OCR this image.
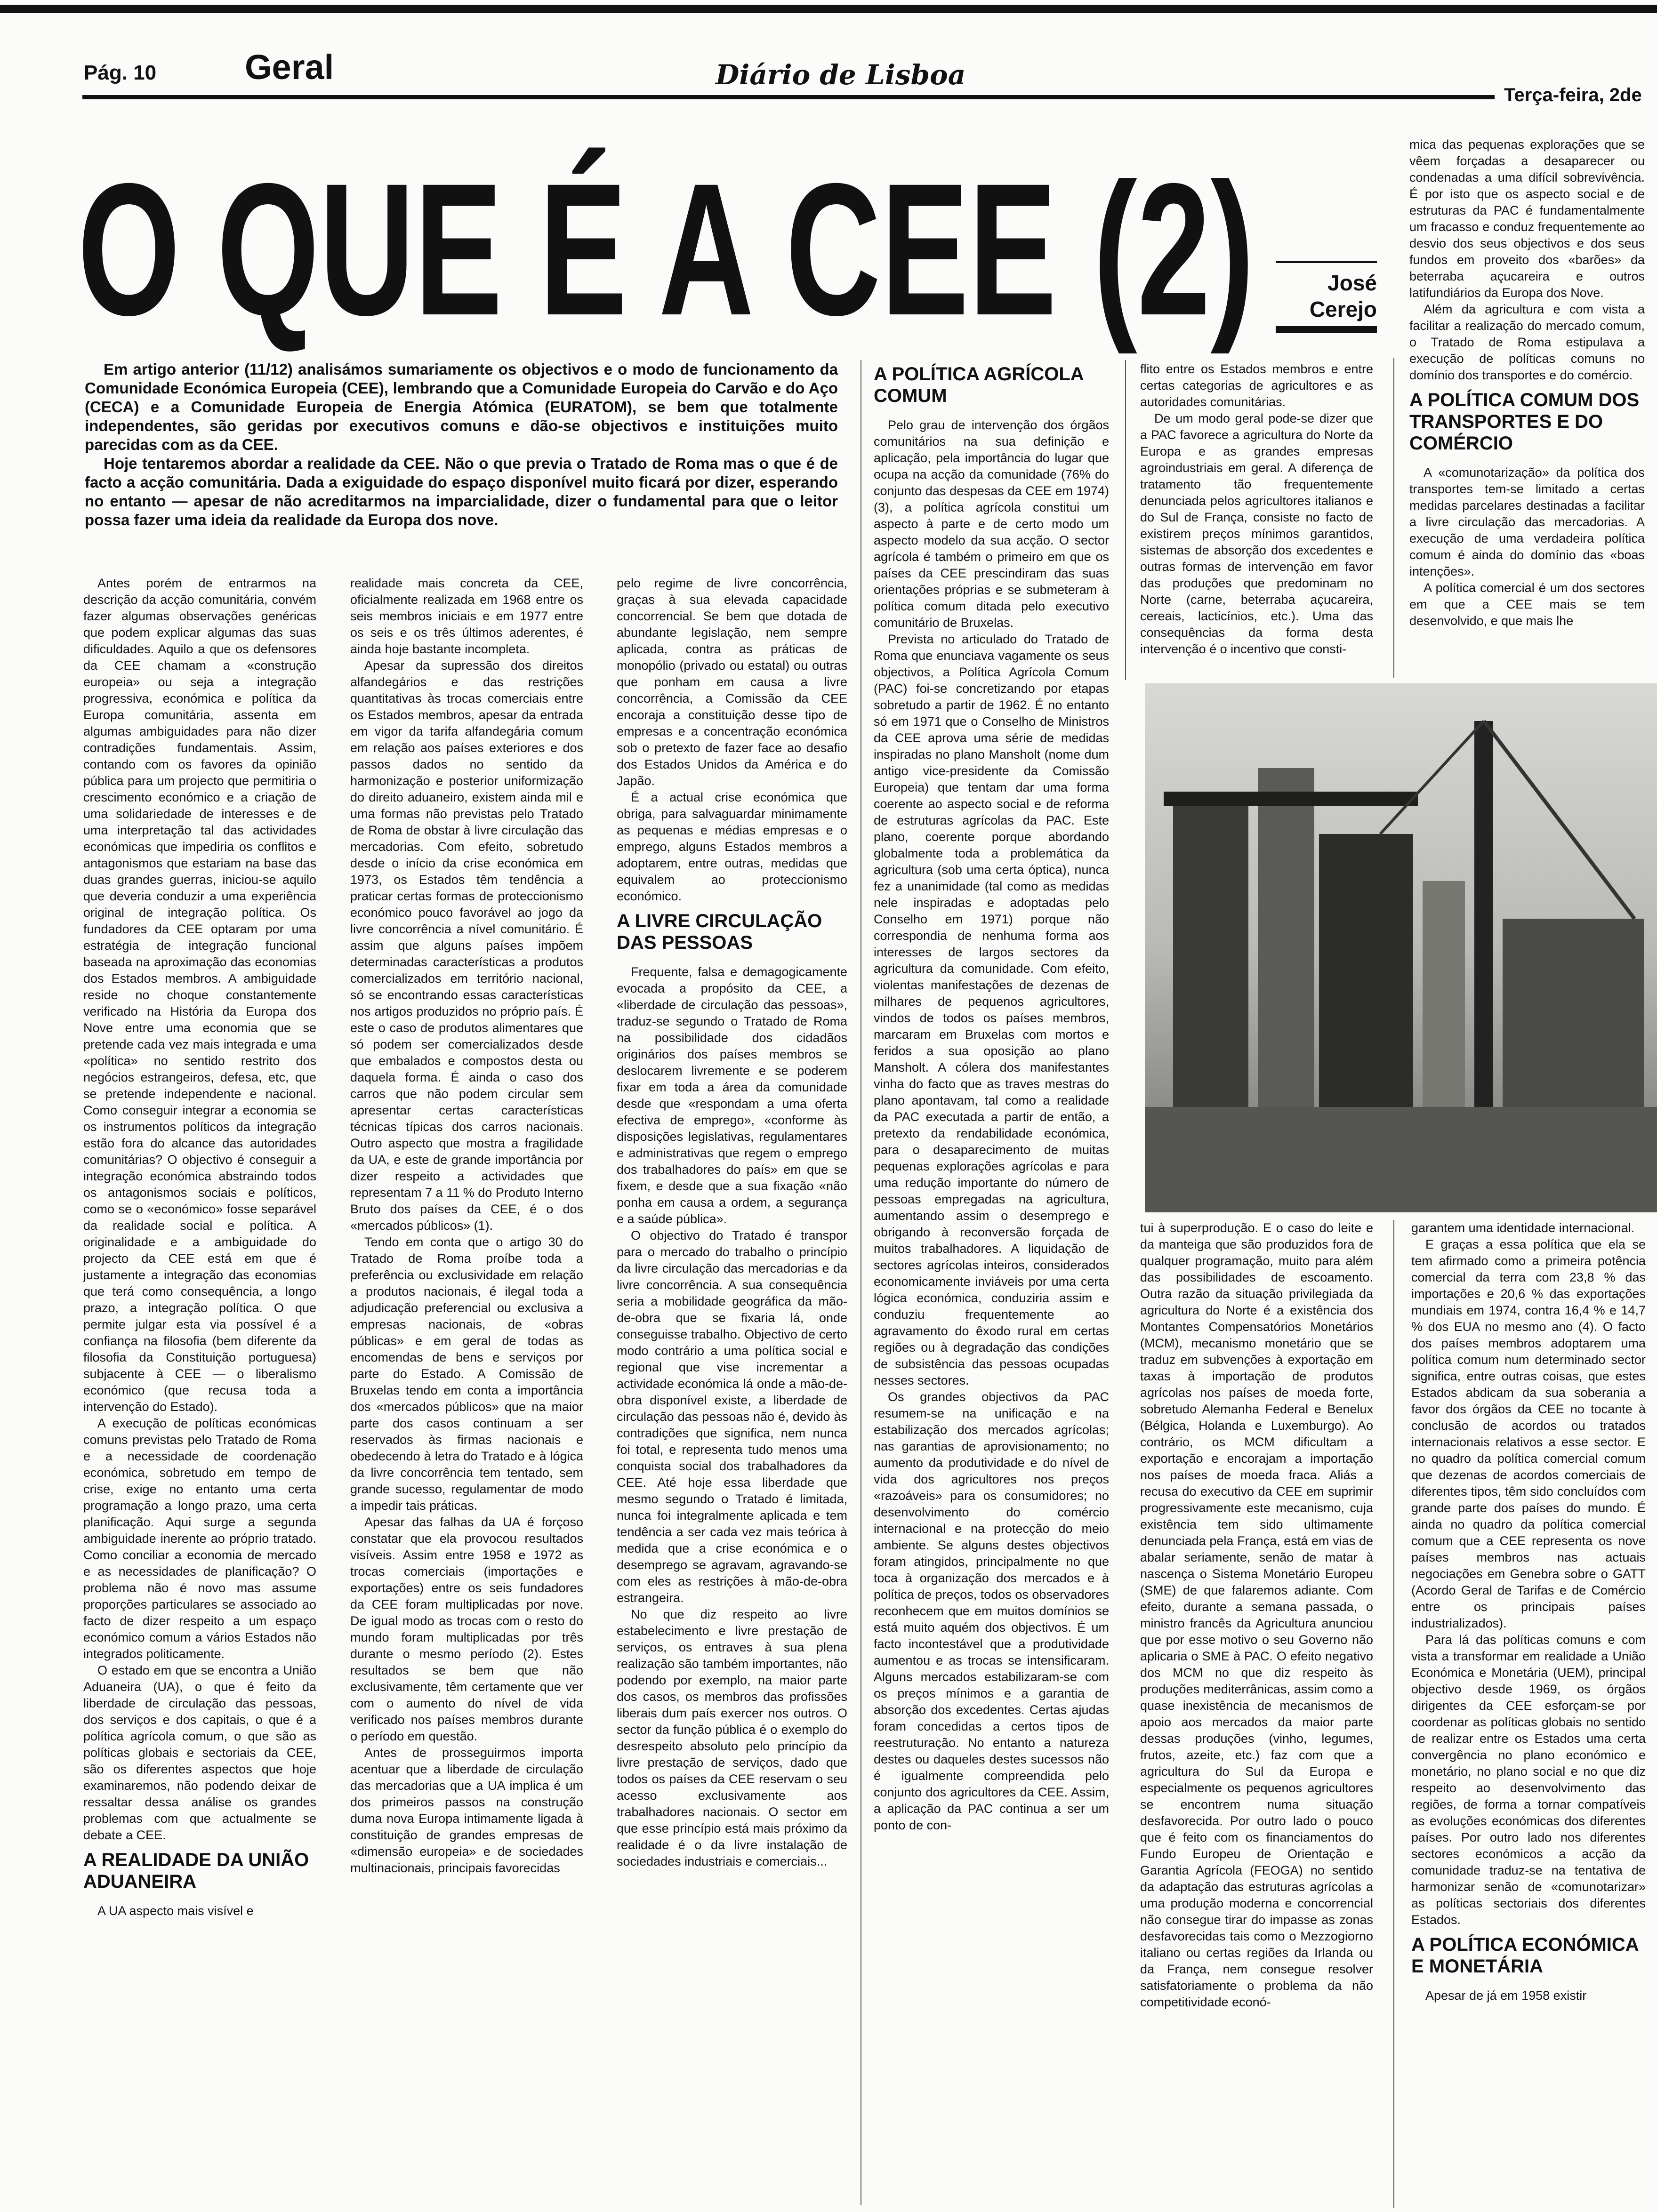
Pág. 10	Geral	Diário de Lisboa
Terça-feira, 2de
O QUE É A CEE (2)	José
Cerejo

Em artigo anterior (11/12) analisámos sumariamente os objectivos e o modo de funcionamento da Comunidade Económica Europeia (CEE), lembrando que a Comunidade Europeia do Carvão e do Aço (CECA) e a Comunidade Europeia de Energia Atómica (EURATOM), se bem que totalmente independentes, são geridas por executivos comuns e dão-se objectivos e instituições muito parecidas com as da CEE.

Hoje tentaremos abordar a realidade da CEE. Não o que previa o Tratado de Roma mas o que é de facto a acção comunitária. Dada a exiguidade do espaço disponível muito ficará por dizer, esperando no entanto — apesar de não acreditarmos na imparcialidade, dizer o fundamental para que o leitor possa fazer uma ideia da realidade da Europa dos nove.

Antes porém de entrarmos na descrição da acção comunitária, convém fazer algumas observações genéricas que podem explicar algumas das suas dificuldades. Aquilo a que os defensores da CEE chamam a «construção europeia» ou seja a integração progressiva, económica e política da Europa comunitária, assenta em algumas ambiguidades para não dizer contradições fundamentais. Assim, contando com os favores da opinião pública para um projecto que permitiria o crescimento económico e a criação de uma solidariedade de interesses e de uma interpretação tal das actividades económicas que impediria os conflitos e antagonismos que estariam na base das duas grandes guerras, iniciou-se aquilo que deveria conduzir a uma experiência original de integração política. Os fundadores da CEE optaram por uma estratégia de integração funcional baseada na aproximação das economias dos Estados membros. A ambiguidade reside no choque constantemente verificado na História da Europa dos Nove entre uma economia que se pretende cada vez mais integrada e uma «política» no sentido restrito dos negócios estrangeiros, defesa, etc, que se pretende independente e nacional. Como conseguir integrar a economia se os instrumentos políticos da integração estão fora do alcance das autoridades comunitárias? O objectivo é conseguir a integração económica abstraindo todos os antagonismos sociais e políticos, como se o «económico» fosse separável da realidade social e política. A originalidade e a ambiguidade do projecto da CEE está em que é justamente a integração das economias que terá como consequência, a longo prazo, a integração política. O que permite julgar esta via possível é a confiança na filosofia (bem diferente da filosofia da Constituição portuguesa) subjacente à CEE — o liberalismo económico (que recusa toda a intervenção do Estado).

A execução de políticas económicas comuns previstas pelo Tratado de Roma e a necessidade de coordenação económica, sobretudo em tempo de crise, exige no entanto uma certa programação a longo prazo, uma certa planificação. Aqui surge a segunda ambiguidade inerente ao próprio tratado. Como conciliar a economia de mercado e as necessidades de planificação? O problema não é novo mas assume proporções particulares se associado ao facto de dizer respeito a um espaço económico comum a vários Estados não integrados politicamente.

O estado em que se encontra a União Aduaneira (UA), o que é feito da liberdade de circulação das pessoas, dos serviços e dos capitais, o que é a política agrícola comum, o que são as políticas globais e sectoriais da CEE, são os diferentes aspectos que hoje examinaremos, não podendo deixar de ressaltar dessa análise os grandes problemas com que actualmente se debate a CEE.

A REALIDADE DA UNIÃO ADUANEIRA

A UA aspecto mais visível e

realidade mais concreta da CEE, oficialmente realizada em 1968 entre os seis membros iniciais e em 1977 entre os seis e os três últimos aderentes, é ainda hoje bastante incompleta.

Apesar da supressão dos direitos alfandegários e das restrições quantitativas às trocas comerciais entre os Estados membros, apesar da entrada em vigor da tarifa alfandegária comum em relação aos países exteriores e dos passos dados no sentido da harmonização e posterior uniformização do direito aduaneiro, existem ainda mil e uma formas não previstas pelo Tratado de Roma de obstar à livre circulação das mercadorias. Com efeito, sobretudo desde o início da crise económica em 1973, os Estados têm tendência a praticar certas formas de proteccionismo económico pouco favorável ao jogo da livre concorrência a nível comunitário. É assim que alguns países impõem determinadas características a produtos comercializados em território nacional, só se encontrando essas características nos artigos produzidos no próprio país. É este o caso de produtos alimentares que só podem ser comercializados desde que embalados e compostos desta ou daquela forma. É ainda o caso dos carros que não podem circular sem apresentar certas características técnicas típicas dos carros nacionais. Outro aspecto que mostra a fragilidade da UA, e este de grande importância por dizer respeito a actividades que representam 7 a 11 % do Produto Interno Bruto dos países da CEE, é o dos «mercados públicos» (1).

Tendo em conta que o artigo 30 do Tratado de Roma proíbe toda a preferência ou exclusividade em relação a produtos nacionais, é ilegal toda a adjudicação preferencial ou exclusiva a empresas nacionais, de «obras públicas» e em geral de todas as encomendas de bens e serviços por parte do Estado. A Comissão de Bruxelas tendo em conta a importância dos «mercados públicos» que na maior parte dos casos continuam a ser reservados às firmas nacionais e obedecendo à letra do Tratado e à lógica da livre concorrência tem tentado, sem grande sucesso, regulamentar de modo a impedir tais práticas.

Apesar das falhas da UA é forçoso constatar que ela provocou resultados visíveis. Assim entre 1958 e 1972 as trocas comerciais (importações e exportações) entre os seis fundadores da CEE foram multiplicadas por nove. De igual modo as trocas com o resto do mundo foram multiplicadas por três durante o mesmo período (2). Estes resultados se bem que não exclusivamente, têm certamente que ver com o aumento do nível de vida verificado nos países membros durante o período em questão.

Antes de prosseguirmos importa acentuar que a liberdade de circulação das mercadorias que a UA implica é um dos primeiros passos na construção duma nova Europa intimamente ligada à constituição de grandes empresas de «dimensão europeia» e de sociedades multinacionais, principais favorecidas

pelo regime de livre concorrência, graças à sua elevada capacidade concorrencial. Se bem que dotada de abundante legislação, nem sempre aplicada, contra as práticas de monopólio (privado ou estatal) ou outras que ponham em causa a livre concorrência, a Comissão da CEE encoraja a constituição desse tipo de empresas e a concentração económica sob o pretexto de fazer face ao desafio dos Estados Unidos da América e do Japão.

É a actual crise económica que obriga, para salvaguardar minimamente as pequenas e médias empresas e o emprego, alguns Estados membros a adoptarem, entre outras, medidas que equivalem ao proteccionismo económico.

A LIVRE CIRCULAÇÃO DAS PESSOAS

Frequente, falsa e demagogicamente evocada a propósito da CEE, a «liberdade de circulação das pessoas», traduz-se segundo o Tratado de Roma na possibilidade dos cidadãos originários dos países membros se deslocarem livremente e se poderem fixar em toda a área da comunidade desde que «respondam a uma oferta efectiva de emprego», «conforme às disposições legislativas, regulamentares e administrativas que regem o emprego dos trabalhadores do país» em que se fixem, e desde que a sua fixação «não ponha em causa a ordem, a segurança e a saúde pública».

O objectivo do Tratado é transpor para o mercado do trabalho o princípio da livre circulação das mercadorias e da livre concorrência. A sua consequência seria a mobilidade geográfica da mão-de-obra que se fixaria lá, onde conseguisse trabalho. Objectivo de certo modo contrário a uma política social e regional que vise incrementar a actividade económica lá onde a mão-de-obra disponível existe, a liberdade de circulação das pessoas não é, devido às contradições que significa, nem nunca foi total, e representa tudo menos uma conquista social dos trabalhadores da CEE. Até hoje essa liberdade que mesmo segundo o Tratado é limitada, nunca foi integralmente aplicada e tem tendência a ser cada vez mais teórica à medida que a crise económica e o desemprego se agravam, agravando-se com eles as restrições à mão-de-obra estrangeira.

No que diz respeito ao livre estabelecimento e livre prestação de serviços, os entraves à sua plena realização são também importantes, não podendo por exemplo, na maior parte dos casos, os membros das profissões liberais dum país exercer nos outros. O sector da função pública é o exemplo do desrespeito absoluto pelo princípio da livre prestação de serviços, dado que todos os países da CEE reservam o seu acesso exclusivamente aos trabalhadores nacionais. O sector em que esse princípio está mais próximo da realidade é o da livre instalação de sociedades industriais e comerciais...

A POLÍTICA AGRÍCOLA COMUM

Pelo grau de intervenção dos órgãos comunitários na sua definição e aplicação, pela importância do lugar que ocupa na acção da comunidade (76% do conjunto das despesas da CEE em 1974) (3), a política agrícola constitui um aspecto à parte e de certo modo um aspecto modelo da sua acção. O sector agrícola é também o primeiro em que os países da CEE prescindiram das suas orientações próprias e se submeteram à política comum ditada pelo executivo comunitário de Bruxelas.

Prevista no articulado do Tratado de Roma que enunciava vagamente os seus objectivos, a Política Agrícola Comum (PAC) foi-se concretizando por etapas sobretudo a partir de 1962. É no entanto só em 1971 que o Conselho de Ministros da CEE aprova uma série de medidas inspiradas no plano Mansholt (nome dum antigo vice-presidente da Comissão Europeia) que tentam dar uma forma coerente ao aspecto social e de reforma de estruturas agrícolas da PAC. Este plano, coerente porque abordando globalmente toda a problemática da agricultura (sob uma certa óptica), nunca fez a unanimidade (tal como as medidas nele inspiradas e adoptadas pelo Conselho em 1971) porque não correspondia de nenhuma forma aos interesses de largos sectores da agricultura da comunidade. Com efeito, violentas manifestações de dezenas de milhares de pequenos agricultores, vindos de todos os países membros, marcaram em Bruxelas com mortos e feridos a sua oposição ao plano Mansholt. A cólera dos manifestantes vinha do facto que as traves mestras do plano apontavam, tal como a realidade da PAC executada a partir de então, a pretexto da rendabilidade económica, para o desaparecimento de muitas pequenas explorações agrícolas e para uma redução importante do número de pessoas empregadas na agricultura, aumentando assim o desemprego e obrigando à reconversão forçada de muitos trabalhadores. A liquidação de sectores agrícolas inteiros, considerados economicamente inviáveis por uma certa lógica económica, conduziria assim e conduziu frequentemente ao agravamento do êxodo rural em certas regiões ou à degradação das condições de subsistência das pessoas ocupadas nesses sectores.

Os grandes objectivos da PAC resumem-se na unificação e na estabilização dos mercados agrícolas; nas garantias de aprovisionamento; no aumento da produtividade e do nível de vida dos agricultores nos preços «razoáveis» para os consumidores; no desenvolvimento do comércio internacional e na protecção do meio ambiente. Se alguns destes objectivos foram atingidos, principalmente no que toca à organização dos mercados e à política de preços, todos os observadores reconhecem que em muitos domínios se está muito aquém dos objectivos. É um facto incontestável que a produtividade aumentou e as trocas se intensificaram. Alguns mercados estabilizaram-se com os preços mínimos e a garantia de absorção dos excedentes. Certas ajudas foram concedidas a certos tipos de reestruturação. No entanto a natureza destes ou daqueles destes sucessos não é igualmente compreendida pelo conjunto dos agricultores da CEE. Assim, a aplicação da PAC continua a ser um ponto de con-

flito entre os Estados membros e entre certas categorias de agricultores e as autoridades comunitárias.

De um modo geral pode-se dizer que a PAC favorece a agricultura do Norte da Europa e as grandes empresas agroindustriais em geral. A diferença de tratamento tão frequentemente denunciada pelos agricultores italianos e do Sul de França, consiste no facto de existirem preços mínimos garantidos, sistemas de absorção dos excedentes e outras formas de intervenção em favor das produções que predominam no Norte (carne, beterraba açucareira, cereais, lacticínios, etc.). Uma das consequências da forma desta intervenção é o incentivo que consti-

mica das pequenas explorações que se vêem forçadas a desaparecer ou condenadas a uma difícil sobrevivência. É por isto que os aspecto social e de estruturas da PAC é fundamentalmente um fracasso e conduz frequentemente ao desvio dos seus objectivos e dos seus fundos em proveito dos «barões» da beterraba açucareira e outros latifundiários da Europa dos Nove.

Além da agricultura e com vista a facilitar a realização do mercado comum, o Tratado de Roma estipulava a execução de políticas comuns no domínio dos transportes e do comércio.

A POLÍTICA COMUM DOS TRANSPORTES E DO COMÉRCIO

A «comunotarização» da política dos transportes tem-se limitado a certas medidas parcelares destinadas a facilitar a livre circulação das mercadorias. A execução de uma verdadeira política comum é ainda do domínio das «boas intenções».

A política comercial é um dos sectores em que a CEE mais se tem desenvolvido, e que mais lhe

tui à superprodução. E o caso do leite e da manteiga que são produzidos fora de qualquer programação, muito para além das possibilidades de escoamento. Outra razão da situação privilegiada da agricultura do Norte é a existência dos Montantes Compensatórios Monetários (MCM), mecanismo monetário que se traduz em subvenções à exportação em taxas à importação de produtos agrícolas nos países de moeda forte, sobretudo Alemanha Federal e Benelux (Bélgica, Holanda e Luxemburgo). Ao contrário, os MCM dificultam a exportação e encorajam a importação nos países de moeda fraca. Aliás a recusa do executivo da CEE em suprimir progressivamente este mecanismo, cuja existência tem sido ultimamente denunciada pela França, está em vias de abalar seriamente, senão de matar à nascença o Sistema Monetário Europeu (SME) de que falaremos adiante. Com efeito, durante a semana passada, o ministro francês da Agricultura anunciou que por esse motivo o seu Governo não aplicaria o SME à PAC. O efeito negativo dos MCM no que diz respeito às produções mediterrânicas, assim como a quase inexistência de mecanismos de apoio aos mercados da maior parte dessas produções (vinho, legumes, frutos, azeite, etc.) faz com que a agricultura do Sul da Europa e especialmente os pequenos agricultores se encontrem numa situação desfavorecida. Por outro lado o pouco que é feito com os financiamentos do Fundo Europeu de Orientação e Garantia Agrícola (FEOGA) no sentido da adaptação das estruturas agrícolas a uma produção moderna e concorrencial não consegue tirar do impasse as zonas desfavorecidas tais como o Mezzogiorno italiano ou certas regiões da Irlanda ou da França, nem consegue resolver satisfatoriamente o problema da não competitividade econó-

garantem uma identidade internacional.

E graças a essa política que ela se tem afirmado como a primeira potência comercial da terra com 23,8 % das importações e 20,6 % das exportações mundiais em 1974, contra 16,4 % e 14,7 % dos EUA no mesmo ano (4). O facto dos países membros adoptarem uma política comum num determinado sector significa, entre outras coisas, que estes Estados abdicam da sua soberania a favor dos órgãos da CEE no tocante à conclusão de acordos ou tratados internacionais relativos a esse sector. E no quadro da política comercial comum que dezenas de acordos comerciais de diferentes tipos, têm sido concluídos com grande parte dos países do mundo. É ainda no quadro da política comercial comum que a CEE representa os nove países membros nas actuais negociações em Genebra sobre o GATT (Acordo Geral de Tarifas e de Comércio entre os principais países industrializados).

Para lá das políticas comuns e com vista a transformar em realidade a União Económica e Monetária (UEM), principal objectivo desde 1969, os órgãos dirigentes da CEE esforçam-se por coordenar as políticas globais no sentido de realizar entre os Estados uma certa convergência no plano económico e monetário, no plano social e no que diz respeito ao desenvolvimento das regiões, de forma a tornar compatíveis as evoluções económicas dos diferentes países. Por outro lado nos diferentes sectores económicos a acção da comunidade traduz-se na tentativa de harmonizar senão de «comunotarizar» as políticas sectoriais dos diferentes Estados.

A POLÍTICA ECONÓMICA E MONETÁRIA

Apesar de já em 1958 existir
